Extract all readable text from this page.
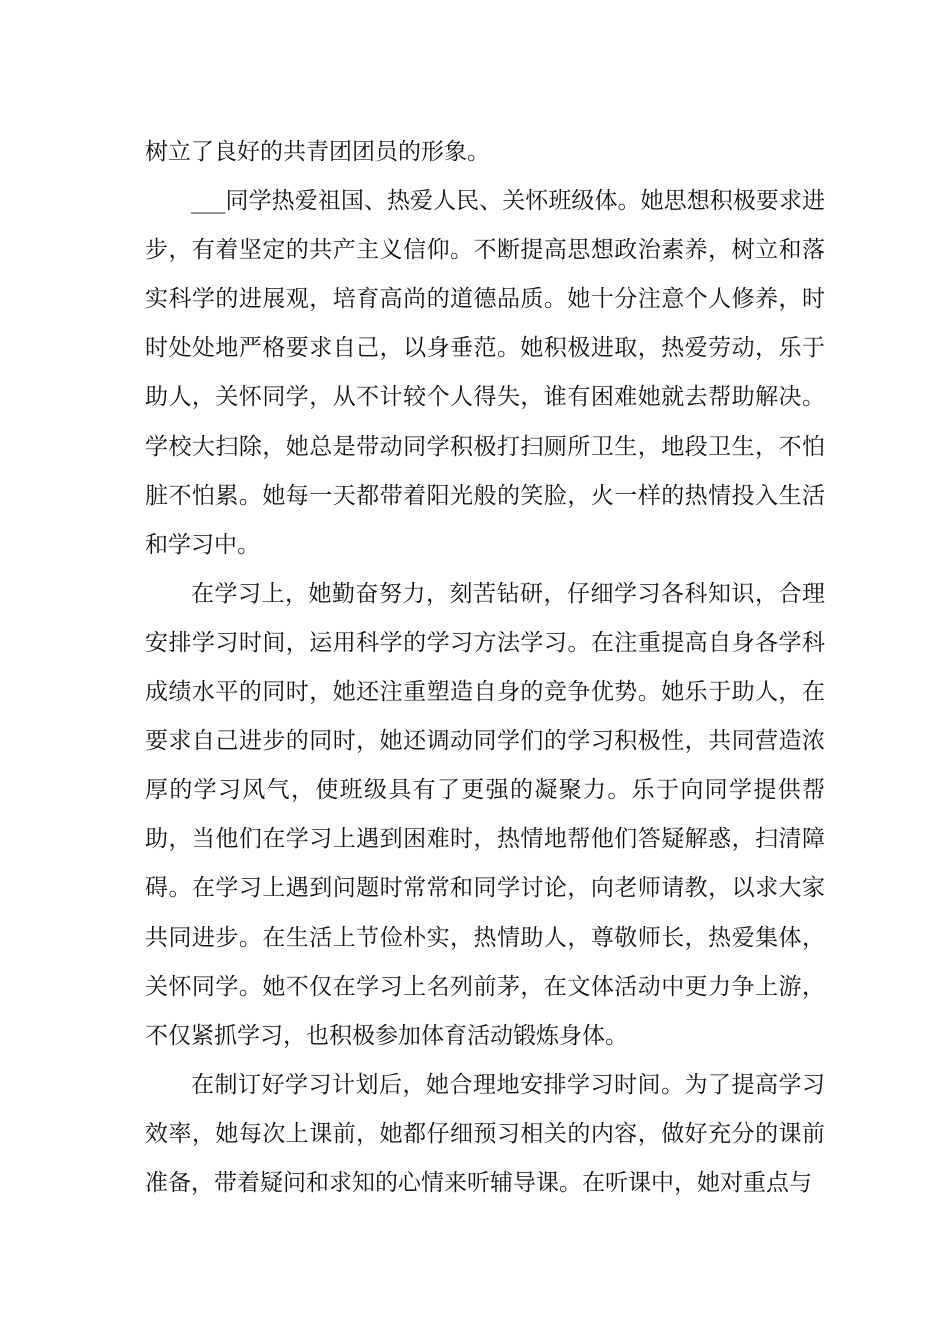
树立了良好的共青团团员的形象。

___同学热爱祖国、热爱人民、关怀班级体。她思想积极要求进步，有着坚定的共产主义信仰。不断提高思想政治素养，树立和落实科学的进展观，培育高尚的道德品质。她十分注意个人修养，时时处处地严格要求自己，以身垂范。她积极进取，热爱劳动，乐于助人，关怀同学，从不计较个人得失，谁有困难她就去帮助解决。学校大扫除，她总是带动同学积极打扫厕所卫生，地段卫生，不怕脏不怕累。她每一天都带着阳光般的笑脸，火一样的热情投入生活和学习中。

在学习上，她勤奋努力，刻苦钻研，仔细学习各科知识，合理安排学习时间，运用科学的学习方法学习。在注重提高自身各学科成绩水平的同时，她还注重塑造自身的竞争优势。她乐于助人，在要求自己进步的同时，她还调动同学们的学习积极性，共同营造浓厚的学习风气，使班级具有了更强的凝聚力。乐于向同学提供帮助，当他们在学习上遇到困难时，热情地帮他们答疑解惑，扫清障碍。在学习上遇到问题时常常和同学讨论，向老师请教，以求大家共同进步。在生活上节俭朴实，热情助人，尊敬师长，热爱集体，关怀同学。她不仅在学习上名列前茅，在文体活动中更力争上游，不仅紧抓学习，也积极参加体育活动锻炼身体。

在制订好学习计划后，她合理地安排学习时间。为了提高学习效率，她每次上课前，她都仔细预习相关的内容，做好充分的课前准备，带着疑问和求知的心情来听辅导课。在听课中，她对重点与
